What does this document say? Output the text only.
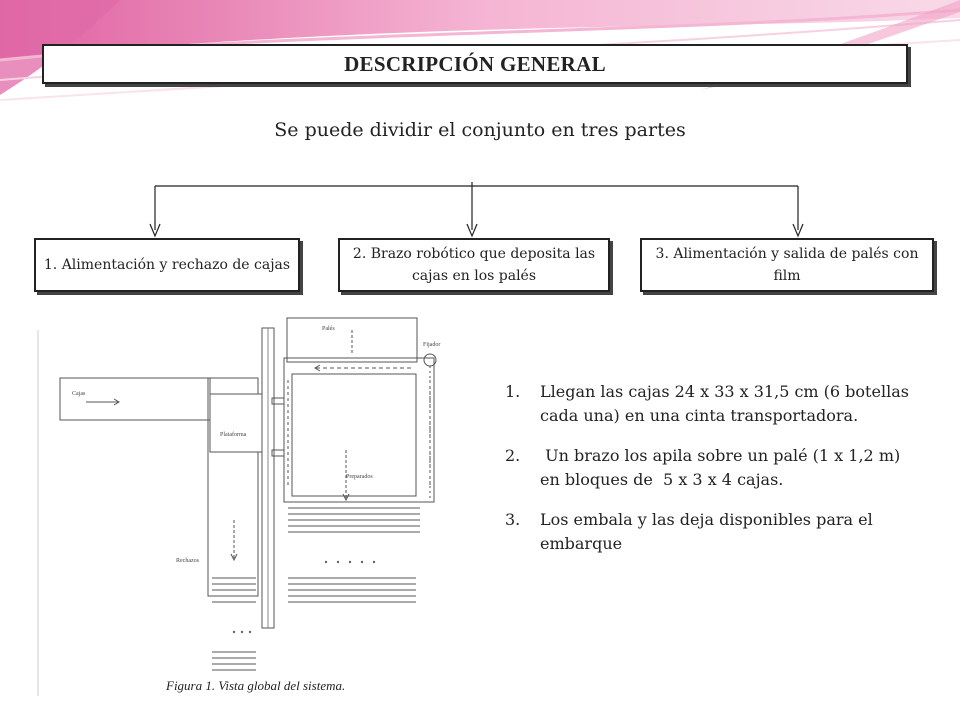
DESCRIPCIÓN GENERAL
Se puede dividir el conjunto en tres partes
1. Alimentación y rechazo de cajas
2. Brazo robótico que deposita las cajas en los palés
3. Alimentación y salida de palés con film
Cajas
Plataforma
Rechazos
Palés
Fijador
Preparados
Figura 1. Vista global del sistema.
1. Llegan las cajas 24 x 33 x 31,5 cm (6 botellas cada una) en una cinta transportadora.
2. Un brazo los apila sobre un palé (1 x 1,2 m) en bloques de  5 x 3 x 4 cajas.
3. Los embala y las deja disponibles para el embarque
